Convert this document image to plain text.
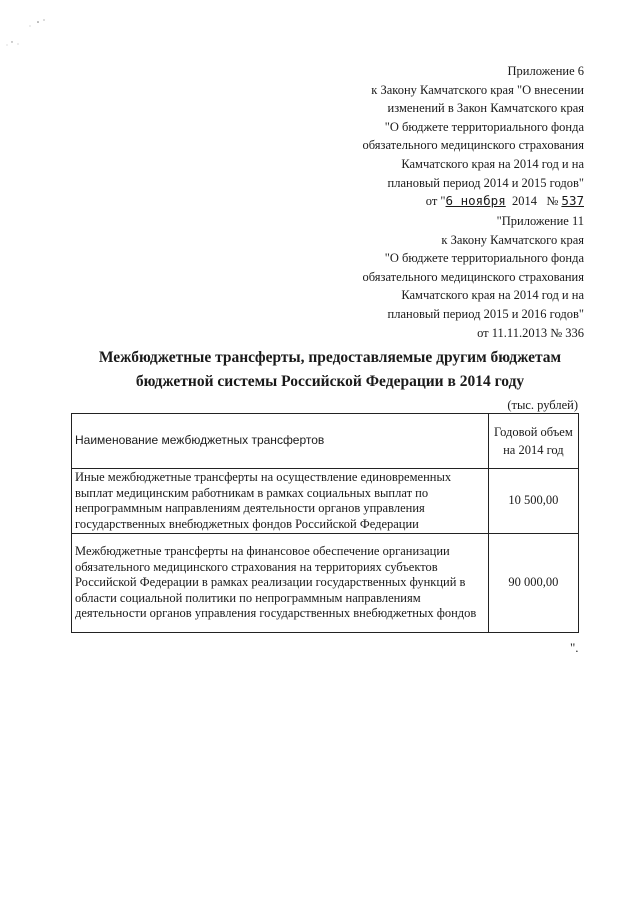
Приложение 6
к Закону Камчатского края "О внесении
изменений в Закон Камчатского края
"О бюджете территориального фонда
обязательного медицинского страхования
Камчатского края на 2014 год и на
плановый период 2014 и 2015 годов"
от "6 ноября 2014 № 537
"Приложение 11
к Закону Камчатского края
"О бюджете территориального фонда
обязательного медицинского страхования
Камчатского края на 2014 год и на
плановый период 2015 и 2016 годов"
от 11.11.2013 № 336
Межбюджетные трансферты, предоставляемые другим бюджетам
бюджетной системы Российской Федерации в 2014 году
(тыс. рублей)
Наименование межбюджетных трансфертов	Годовой объем
на 2014 год

Иные межбюджетные трансферты на осуществление единовременных выплат медицинским работникам в рамках социальных выплат по непрограммным направлениям деятельности органов управления государственных внебюджетных фондов Российской Федерации	10 500,00
Межбюджетные трансферты на финансовое обеспечение организации обязательного медицинского страхования на территориях субъектов Российской Федерации в рамках реализации государственных функций в области социальной политики по непрограммным направлениям деятельности органов управления государственных внебюджетных фондов	90 000,00
".
